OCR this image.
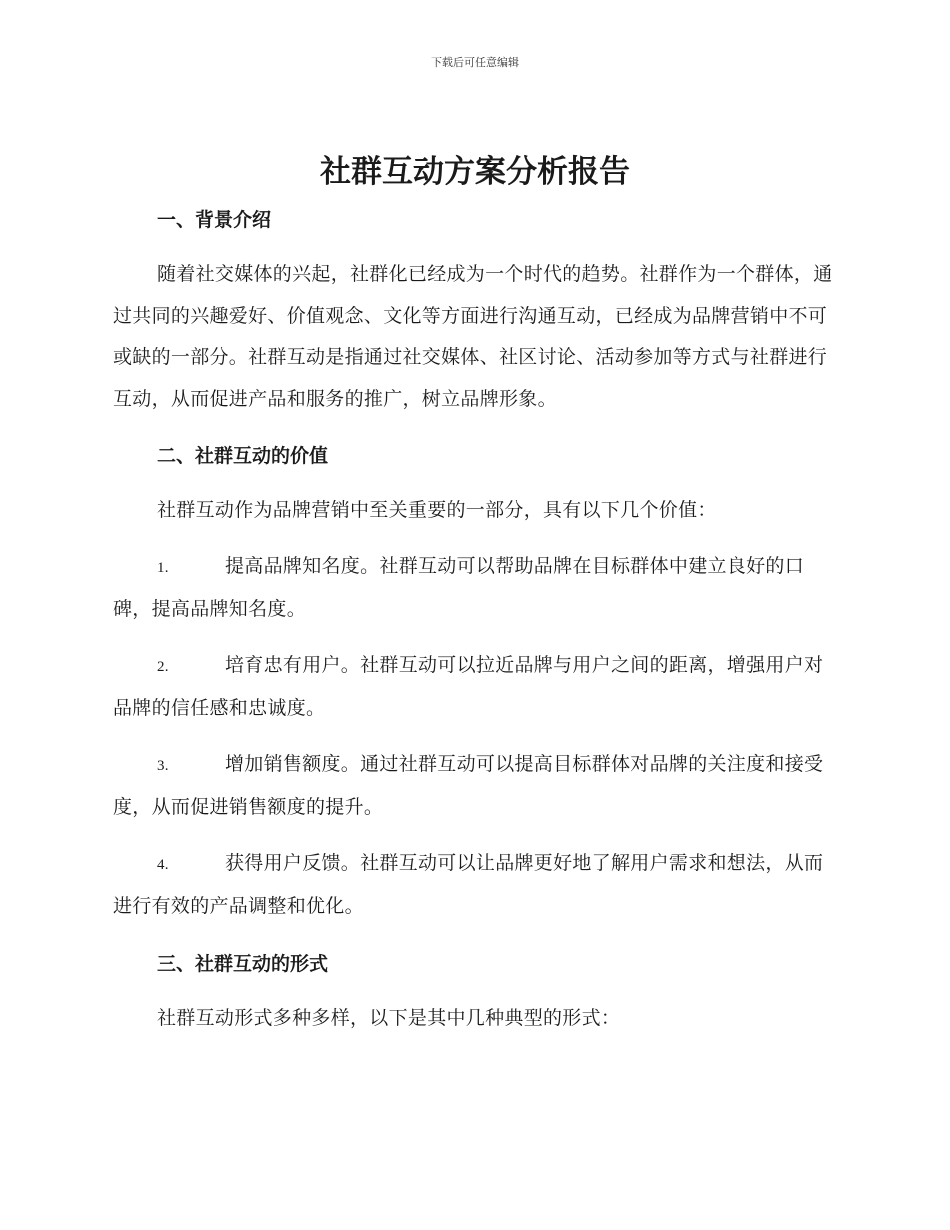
下载后可任意编辑
社群互动方案分析报告

一、背景介绍

随着社交媒体的兴起，社群化已经成为一个时代的趋势。社群作为一个群体，通过共同的兴趣爱好、价值观念、文化等方面进行沟通互动，已经成为品牌营销中不可或缺的一部分。社群互动是指通过社交媒体、社区讨论、活动参加等方式与社群进行互动，从而促进产品和服务的推广，树立品牌形象。

二、社群互动的价值

社群互动作为品牌营销中至关重要的一部分，具有以下几个价值：

1.	提高品牌知名度。社群互动可以帮助品牌在目标群体中建立良好的口碑，提高品牌知名度。

2.	培育忠有用户。社群互动可以拉近品牌与用户之间的距离，增强用户对品牌的信任感和忠诚度。

3.	增加销售额度。通过社群互动可以提高目标群体对品牌的关注度和接受度，从而促进销售额度的提升。

4.	获得用户反馈。社群互动可以让品牌更好地了解用户需求和想法，从而进行有效的产品调整和优化。

三、社群互动的形式

社群互动形式多种多样，以下是其中几种典型的形式：
